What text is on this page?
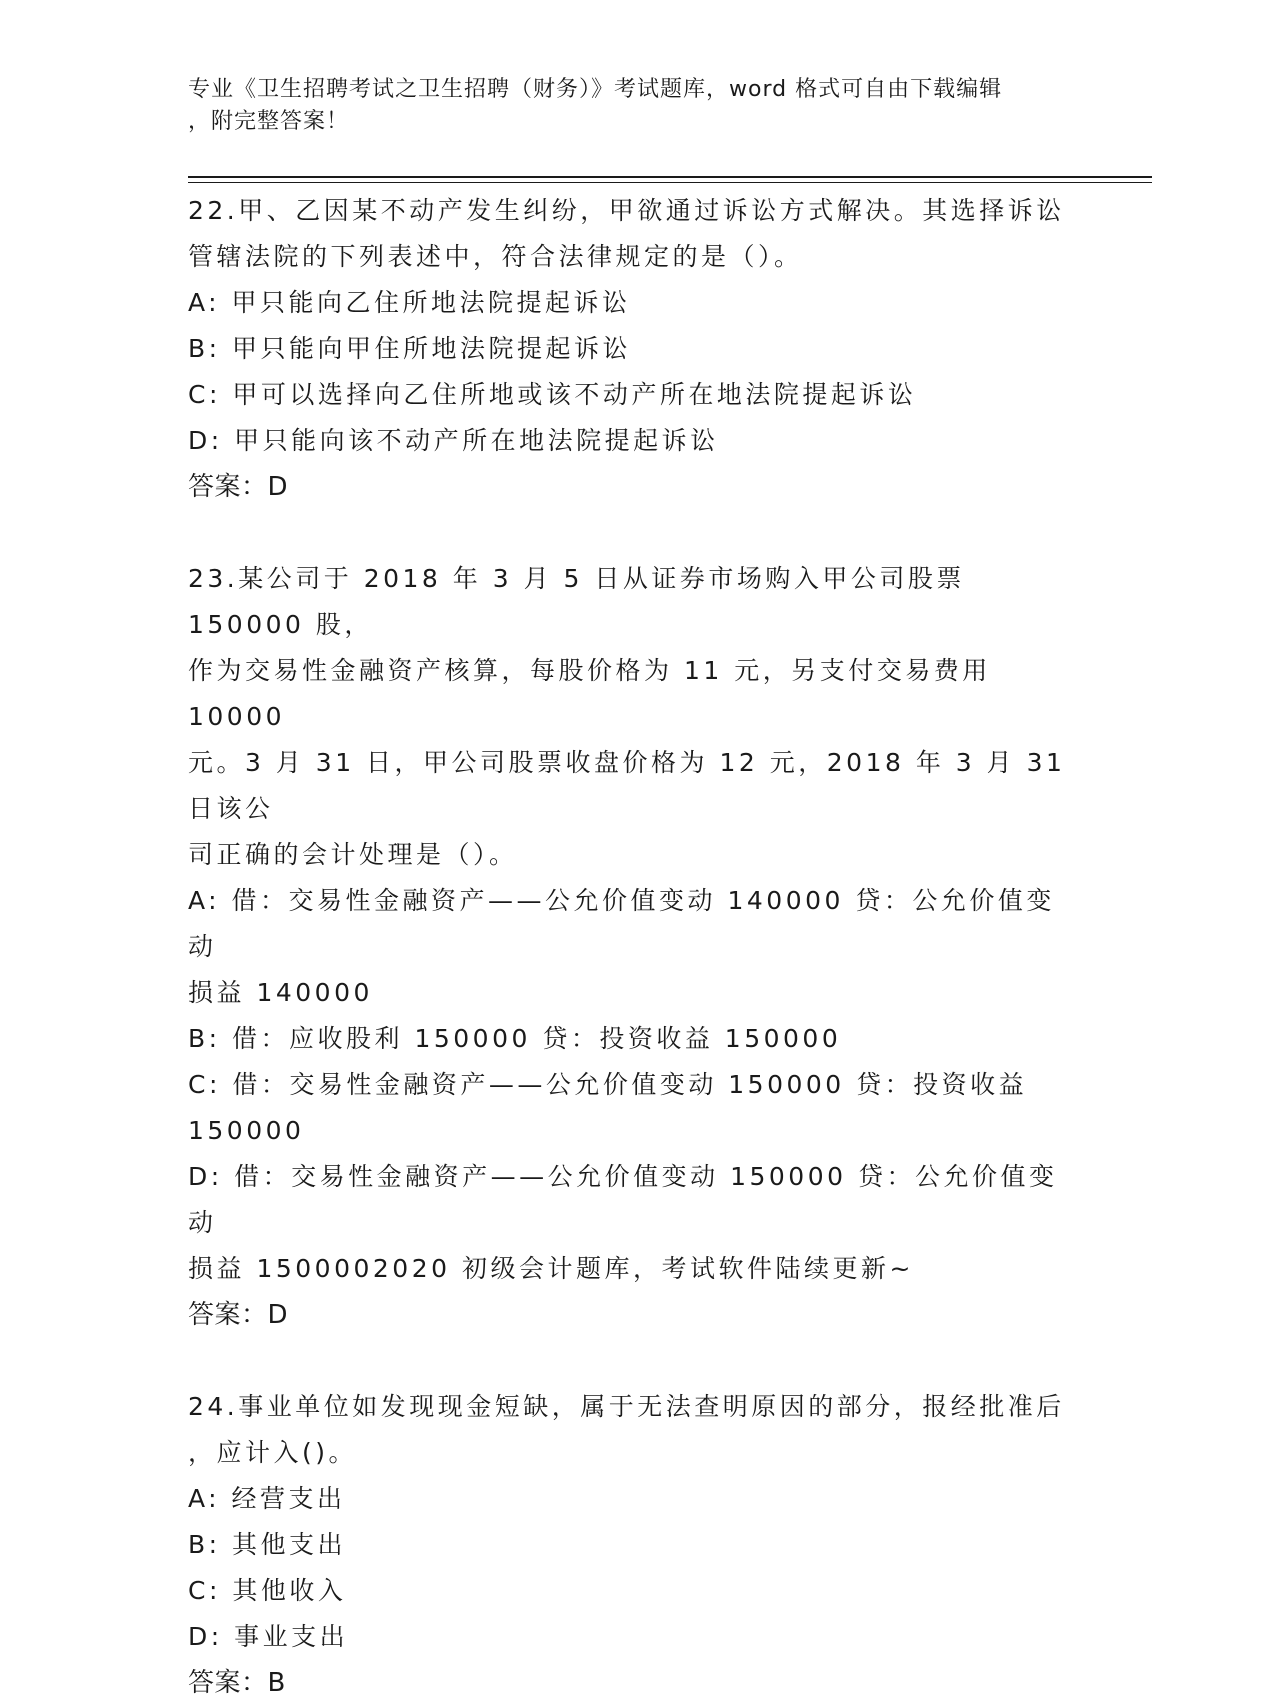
专业《卫生招聘考试之卫生招聘（财务）》考试题库，word 格式可自由下载编辑
，附完整答案！
22.甲、乙因某不动产发生纠纷，甲欲通过诉讼方式解决。其选择诉讼
管辖法院的下列表述中，符合法律规定的是（）。
A: 甲只能向乙住所地法院提起诉讼
B: 甲只能向甲住所地法院提起诉讼
C: 甲可以选择向乙住所地或该不动产所在地法院提起诉讼
D: 甲只能向该不动产所在地法院提起诉讼
答案：D
23.某公司于 2018 年 3 月 5 日从证券市场购入甲公司股票 150000 股，
作为交易性金融资产核算，每股价格为 11 元，另支付交易费用 10000
元。3 月 31 日，甲公司股票收盘价格为 12 元，2018 年 3 月 31 日该公
司正确的会计处理是（）。
A: 借：交易性金融资产——公允价值变动 140000 贷：公允价值变动
损益 140000
B: 借：应收股利 150000 贷：投资收益 150000
C: 借：交易性金融资产——公允价值变动 150000 贷：投资收益
150000
D: 借：交易性金融资产——公允价值变动 150000 贷：公允价值变动
损益 1500002020 初级会计题库，考试软件陆续更新~
答案：D
24.事业单位如发现现金短缺，属于无法查明原因的部分，报经批准后
，应计入()。
A: 经营支出
B: 其他支出
C: 其他收入
D: 事业支出
答案：B
